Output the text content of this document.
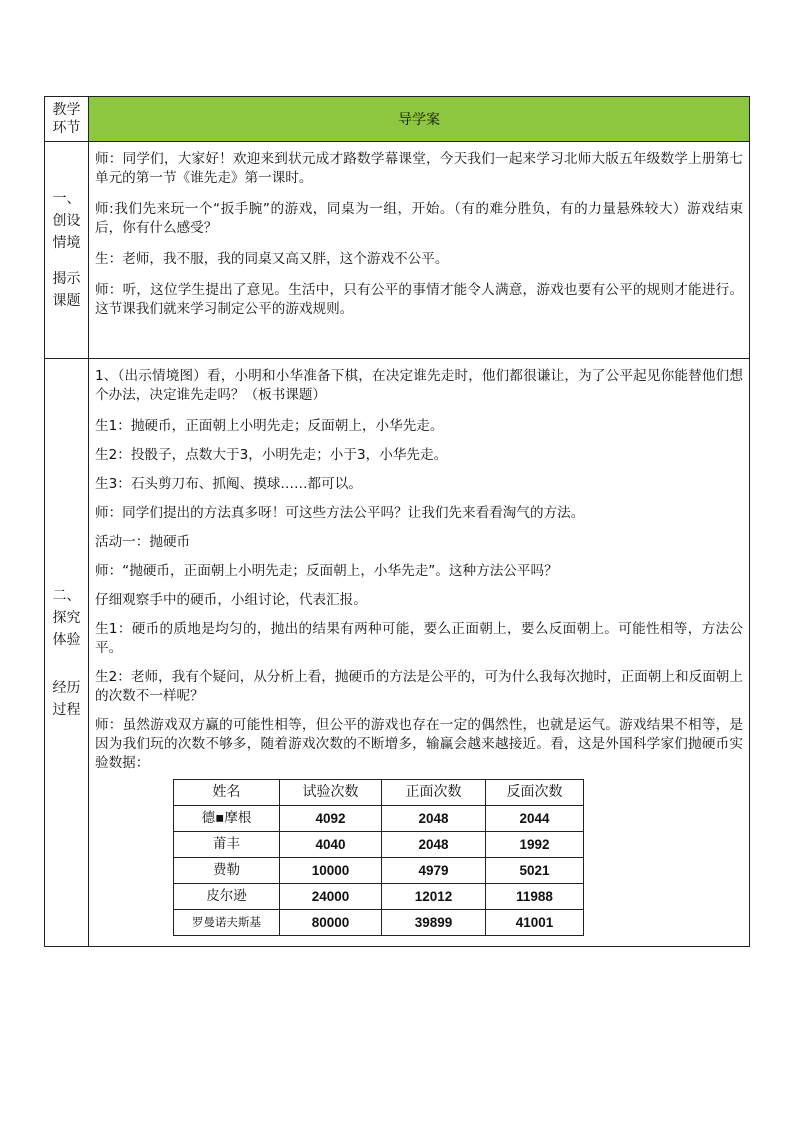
教学
环节	导学案

一、
创设
情境
揭示
课题

师：同学们，大家好！欢迎来到状元成才路数学幕课堂，今天我们一起来学习北师大版五年级数学上册第七单元的第一节《谁先走》第一课时。

师:我们先来玩一个“扳手腕”的游戏，同桌为一组，开始。（有的难分胜负，有的力量悬殊较大）游戏结束后，你有什么感受？

生：老师，我不服，我的同桌又高又胖，这个游戏不公平。

师：听，这位学生提出了意见。生活中，只有公平的事情才能令人满意，游戏也要有公平的规则才能进行。这节课我们就来学习制定公平的游戏规则。

二、
探究
体验
经历
过程

1、（出示情境图）看，小明和小华准备下棋，在决定谁先走时，他们都很谦让，为了公平起见你能替他们想个办法，决定谁先走吗？（板书课题）

生1：抛硬币，正面朝上小明先走；反面朝上，小华先走。

生2：投骰子，点数大于3，小明先走；小于3，小华先走。

生3：石头剪刀布、抓阄、摸球……都可以。

师：同学们提出的方法真多呀！可这些方法公平吗？让我们先来看看淘气的方法。

活动一：抛硬币

师：“抛硬币，正面朝上小明先走；反面朝上，小华先走”。这种方法公平吗？

仔细观察手中的硬币，小组讨论，代表汇报。

生1：硬币的质地是均匀的，抛出的结果有两种可能，要么正面朝上，要么反面朝上。可能性相等，方法公平。

生2：老师，我有个疑问，从分析上看，抛硬币的方法是公平的，可为什么我每次抛时，正面朝上和反面朝上的次数不一样呢？

师：虽然游戏双方赢的可能性相等，但公平的游戏也存在一定的偶然性，也就是运气。游戏结果不相等，是因为我们玩的次数不够多，随着游戏次数的不断增多，输赢会越来越接近。看，这是外国科学家们抛硬币实验数据：

姓名	试验次数	正面次数	反面次数
德▪摩根	4092	2048	2044
莆丰	4040	2048	1992
费勒	10000	4979	5021
皮尔逊	24000	12012	11988
罗曼诺夫斯基	80000	39899	41001
